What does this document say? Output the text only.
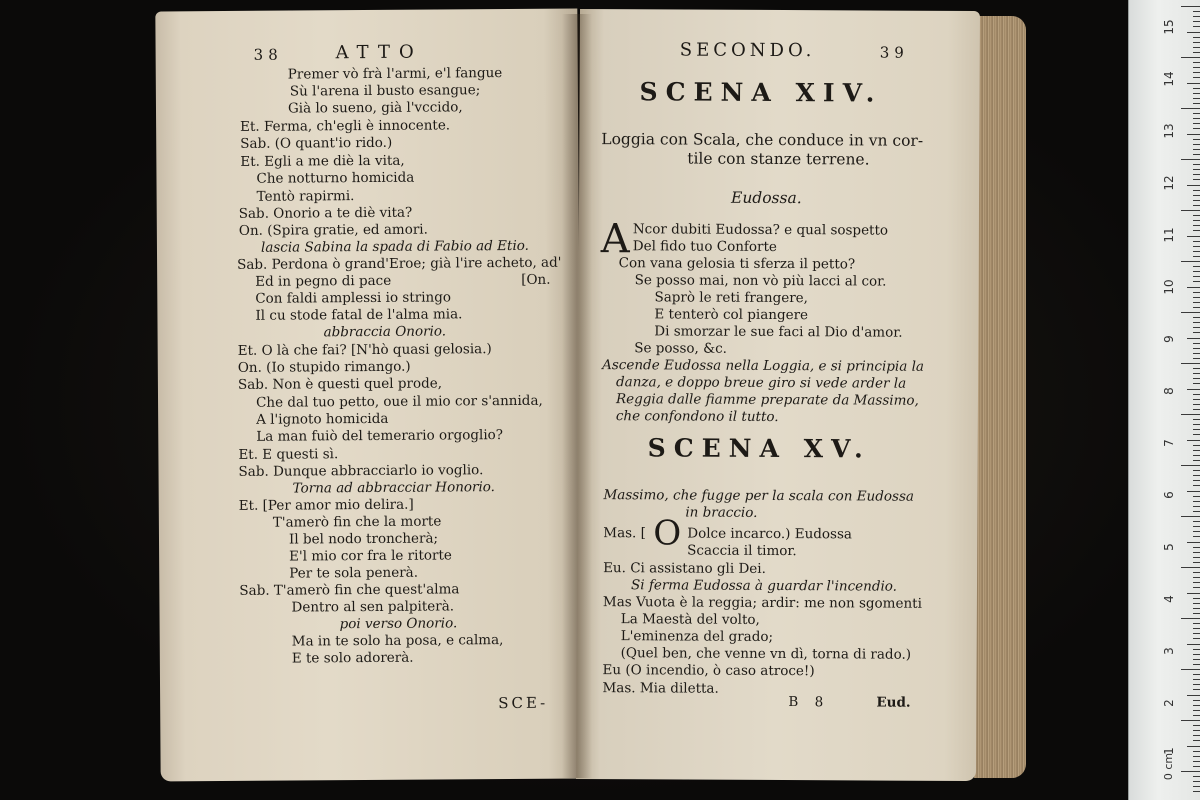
38	ATTO
Premer vò frà l'armi, e'l fangue
Sù l'arena il busto esangue;
Già lo sueno, già l'vccido,
Et. Ferma, ch'egli è innocente.
Sab. (O quant'io rido.)
Et. Egli a me diè la vita,
Che notturno homicida
Tentò rapirmi.
Sab. Onorio a te diè vita?
On. (Spira gratie, ed amori.
lascia Sabina la spada di Fabio ad Etio.
Sab. Perdona ò grand'Eroe; già l'ire acheto, ad'
Ed in pegno di pace	[On.
Con faldi amplessi io stringo
Il cu stode fatal de l'alma mia.
abbraccia Onorio.
Et. O là che fai? [N'hò quasi gelosia.)
On. (Io stupido rimango.)
Sab. Non è questi quel prode,
Che dal tuo petto, oue il mio cor s'annida,
A l'ignoto homicida
La man fuiò del temerario orgoglio?
Et. E questi sì.
Sab. Dunque abbracciarlo io voglio.
Torna ad abbracciar Honorio.
Et. [Per amor mio delira.]
T'amerò fin che la morte
Il bel nodo troncherà;
E'l mio cor fra le ritorte
Per te sola penerà.
Sab. T'amerò fin che quest'alma
Dentro al sen palpiterà.
poi verso Onorio.
Ma in te solo ha posa, e calma,
E te solo adorerà.
SCE-
SECONDO.	39
SCENA XIV.
Loggia con Scala, che conduce in vn cor-
tile con stanze terrene.
Eudossa.
A Ncor dubiti Eudossa? e qual sospetto
Del fido tuo Conforte
Con vana gelosia ti sferza il petto?
Se posso mai, non vò più lacci al cor.
Saprò le reti frangere,
E tenterò col piangere
Di smorzar le sue faci al Dio d'amor.
Se posso, &c.
Ascende Eudossa nella Loggia, e si principia la
danza, e doppo breue giro si vede arder la
Reggia dalle fiamme preparate da Massimo,
che confondono il tutto.
SCENA XV.
Massimo, che fugge per la scala con Eudossa
in braccio.
Mas. [ O Dolce incarco.) Eudossa
Scaccia il timor.
Eu. Ci assistano gli Dei.
Si ferma Eudossa à guardar l'incendio.
Mas Vuota è la reggia; ardir: me non sgomenti
La Maestà del volto,
L'eminenza del grado;
(Quel ben, che venne vn dì, torna di rado.)
Eu (O incendio, ò caso atroce!)
Mas. Mia diletta.
B 8	Eud.
15
14
13
12
11
10
9
8
7
6
5
4
3
2
1
0 cm
